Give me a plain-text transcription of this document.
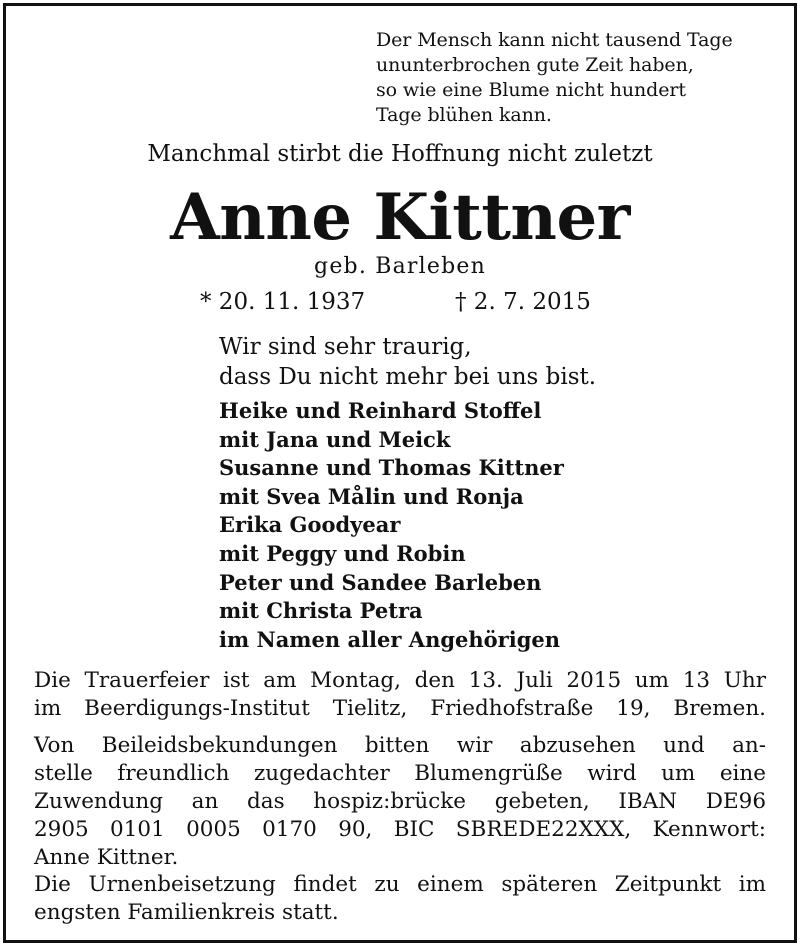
Der Mensch kann nicht tausend Tage
ununterbrochen gute Zeit haben,
so wie eine Blume nicht hundert
Tage blühen kann.
Manchmal stirbt die Hoffnung nicht zuletzt
Anne Kittner
geb. Barleben
* 20. 11. 1937	† 2. 7. 2015
Wir sind sehr traurig,
dass Du nicht mehr bei uns bist.
Heike und Reinhard Stoffel
mit Jana und Meick
Susanne und Thomas Kittner
mit Svea Målin und Ronja
Erika Goodyear
mit Peggy und Robin
Peter und Sandee Barleben
mit Christa Petra
im Namen aller Angehörigen
Die Trauerfeier ist am Montag, den 13. Juli 2015 um 13 Uhr
im Beerdigungs-Institut Tielitz, Friedhofstraße 19, Bremen.
Von Beileidsbekundungen bitten wir abzusehen und an-
stelle freundlich zugedachter Blumengrüße wird um eine
Zuwendung an das hospiz:brücke gebeten, IBAN DE96
2905 0101 0005 0170 90, BIC SBREDE22XXX, Kennwort:
Anne Kittner.
Die Urnenbeisetzung findet zu einem späteren Zeitpunkt im
engsten Familienkreis statt.
